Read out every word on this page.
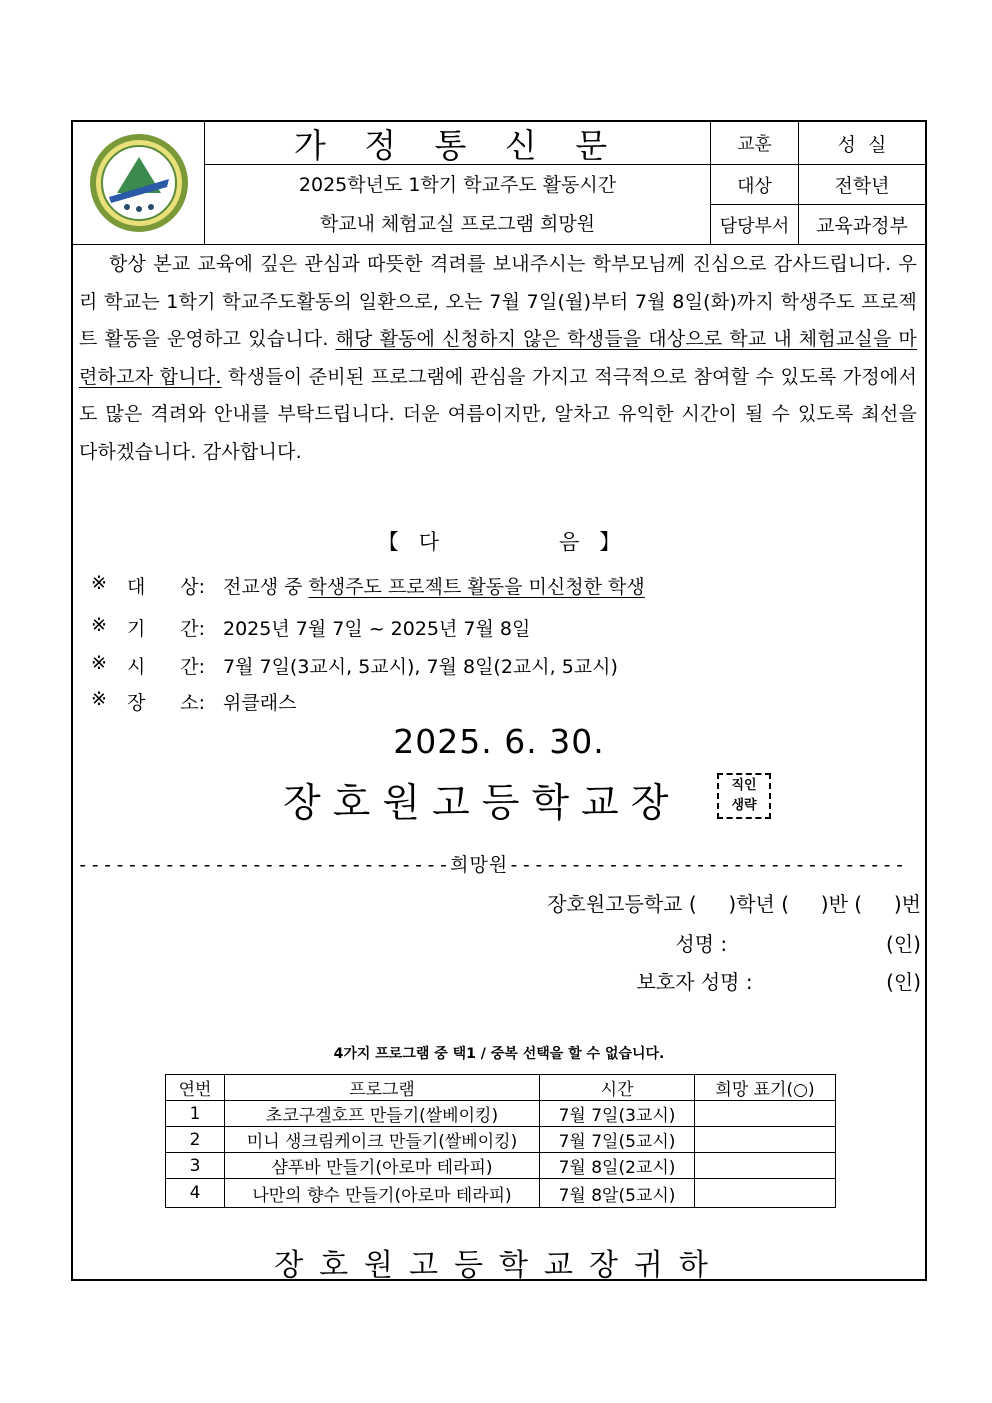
가 정 통 신 문
2025학년도 1학기 학교주도 활동시간
학교내 체험교실 프로그램 희망원
교훈	성  실
대상	전학년
담당부서	교육과정부
항상 본교 교육에 깊은 관심과 따뜻한 격려를 보내주시는 학부모님께 진심으로 감사드립니다. 우리 학교는 1학기 학교주도활동의 일환으로, 오는 7월 7일(월)부터 7월 8일(화)까지 학생주도 프로젝트 활동을 운영하고 있습니다. 해당 활동에 신청하지 않은 학생들을 대상으로 학교 내 체험교실을 마련하고자 합니다. 학생들이 준비된 프로그램에 관심을 가지고 적극적으로 참여할 수 있도록 가정에서도 많은 격려와 안내를 부탁드립니다. 더운 여름이지만, 알차고 유익한 시간이 될 수 있도록 최선을 다하겠습니다. 감사합니다.
【   다	음   】
※	대 상: 전교생 중 학생주도 프로젝트 활동을 미신청한 학생
※	기 간: 2025년 7월 7일 ~ 2025년 7월 8일
※	시 간: 7월 7일(3교시, 5교시), 7월 8일(2교시, 5교시)
※	장 소: 위클래스
2025. 6. 30.
장호원고등학교장	직인
생략
------------------------------희망원--------------------------------
장호원고등학교 (     )학년 (     )반 (     )번
성명 :                         (인)
보호자 성명 :                     (인)
4가지 프로그램 중 택1 / 중복 선택을 할 수 없습니다.
연번	프로그램	시간	희망 표기(○)
1	초코구겔호프 만들기(쌀베이킹)	7월 7일(3교시)	
2	미니 생크림케이크 만들기(쌀베이킹)	7월 7일(5교시)	
3	샴푸바 만들기(아로마 테라피)	7월 8일(2교시)	
4	나만의 향수 만들기(아로마 테라피)	7월 8알(5교시)	
장호원고등학교장귀하
